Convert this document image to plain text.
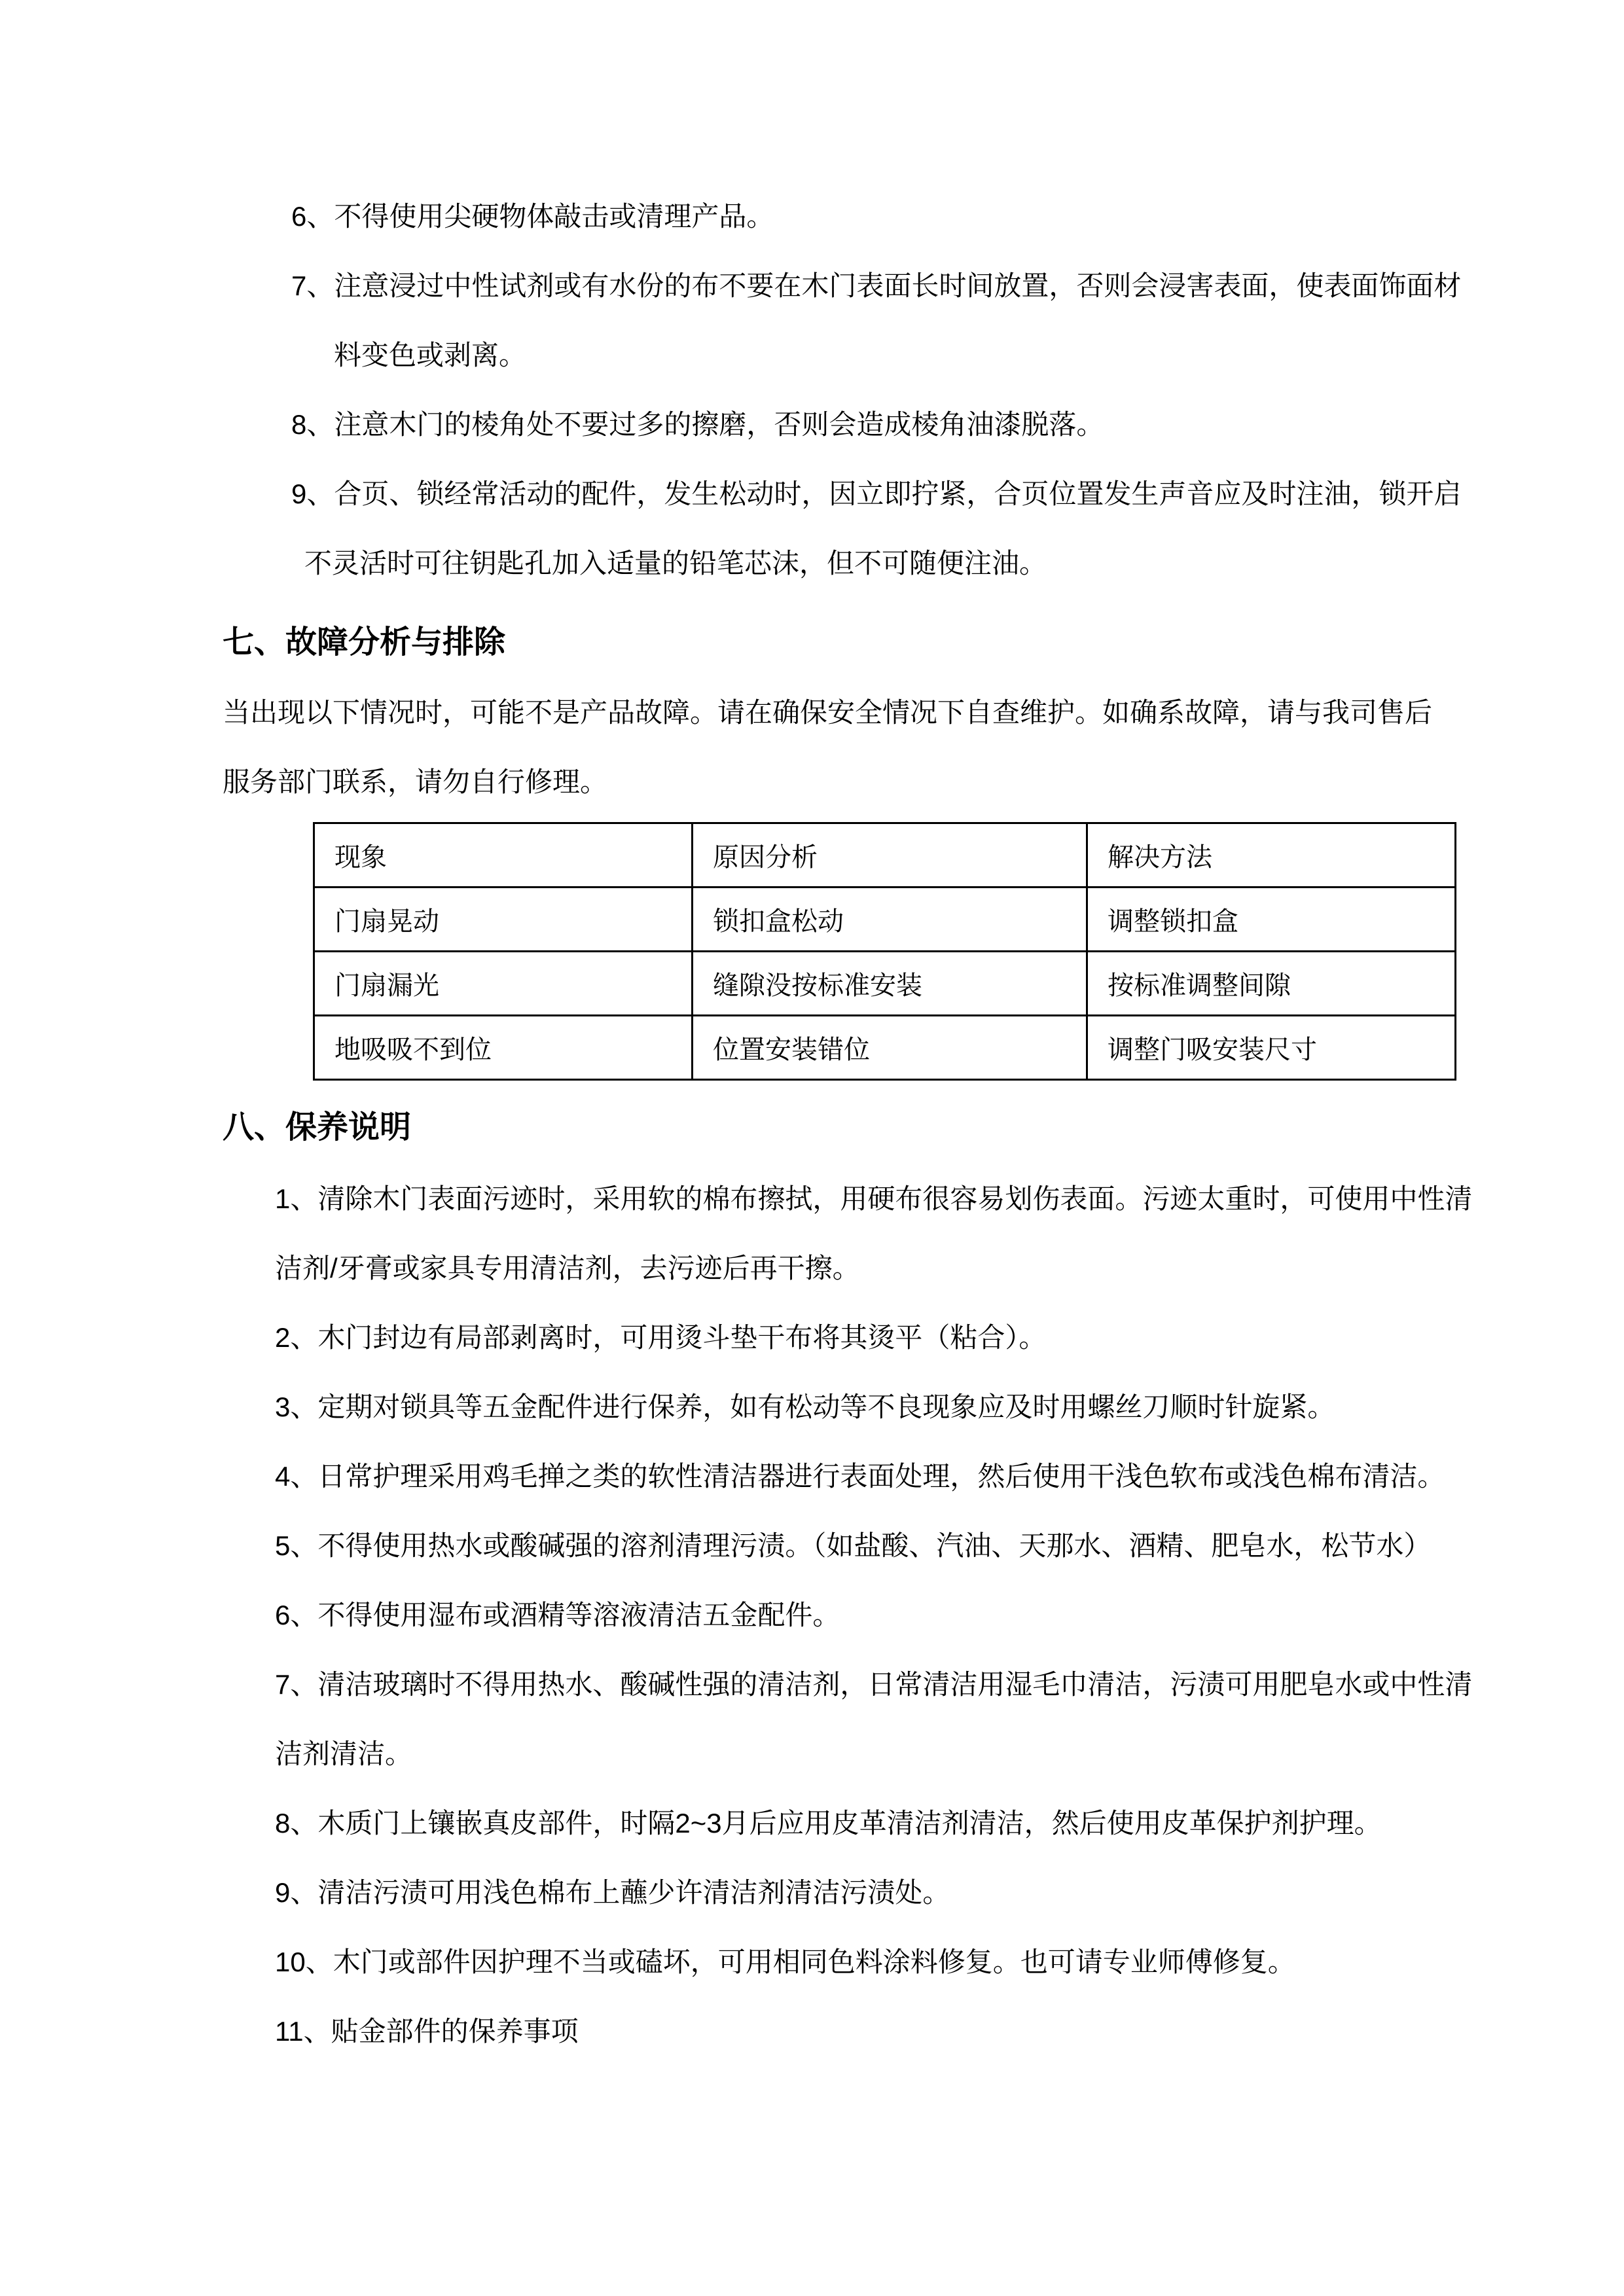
6、不得使用尖硬物体敲击或清理产品。
7、注意浸过中性试剂或有水份的布不要在木门表面长时间放置，否则会浸害表面，使表面饰面材
料变色或剥离。
8、注意木门的棱角处不要过多的擦磨，否则会造成棱角油漆脱落。
9、合页、锁经常活动的配件，发生松动时，因立即拧紧，合页位置发生声音应及时注油，锁开启
不灵活时可往钥匙孔加入适量的铅笔芯沫，但不可随便注油。
七、故障分析与排除
当出现以下情况时，可能不是产品故障。请在确保安全情况下自查维护。如确系故障，请与我司售后
服务部门联系，请勿自行修理。
现象	原因分析	解决方法
门扇晃动	锁扣盒松动	调整锁扣盒
门扇漏光	缝隙没按标准安装	按标准调整间隙
地吸吸不到位	位置安装错位	调整门吸安装尺寸
八、保养说明
1、清除木门表面污迹时，采用软的棉布擦拭，用硬布很容易划伤表面。污迹太重时，可使用中性清
洁剂/牙膏或家具专用清洁剂，去污迹后再干擦。
2、木门封边有局部剥离时，可用烫斗垫干布将其烫平（粘合）。
3、定期对锁具等五金配件进行保养，如有松动等不良现象应及时用螺丝刀顺时针旋紧。
4、日常护理采用鸡毛掸之类的软性清洁器进行表面处理，然后使用干浅色软布或浅色棉布清洁。
5、不得使用热水或酸碱强的溶剂清理污渍。（如盐酸、汽油、天那水、酒精、肥皂水，松节水）
6、不得使用湿布或酒精等溶液清洁五金配件。
7、清洁玻璃时不得用热水、酸碱性强的清洁剂，日常清洁用湿毛巾清洁，污渍可用肥皂水或中性清
洁剂清洁。
8、木质门上镶嵌真皮部件，时隔2~3月后应用皮革清洁剂清洁，然后使用皮革保护剂护理。
9、清洁污渍可用浅色棉布上蘸少许清洁剂清洁污渍处。
10、木门或部件因护理不当或磕坏，可用相同色料涂料修复。也可请专业师傅修复。
11、贴金部件的保养事项
